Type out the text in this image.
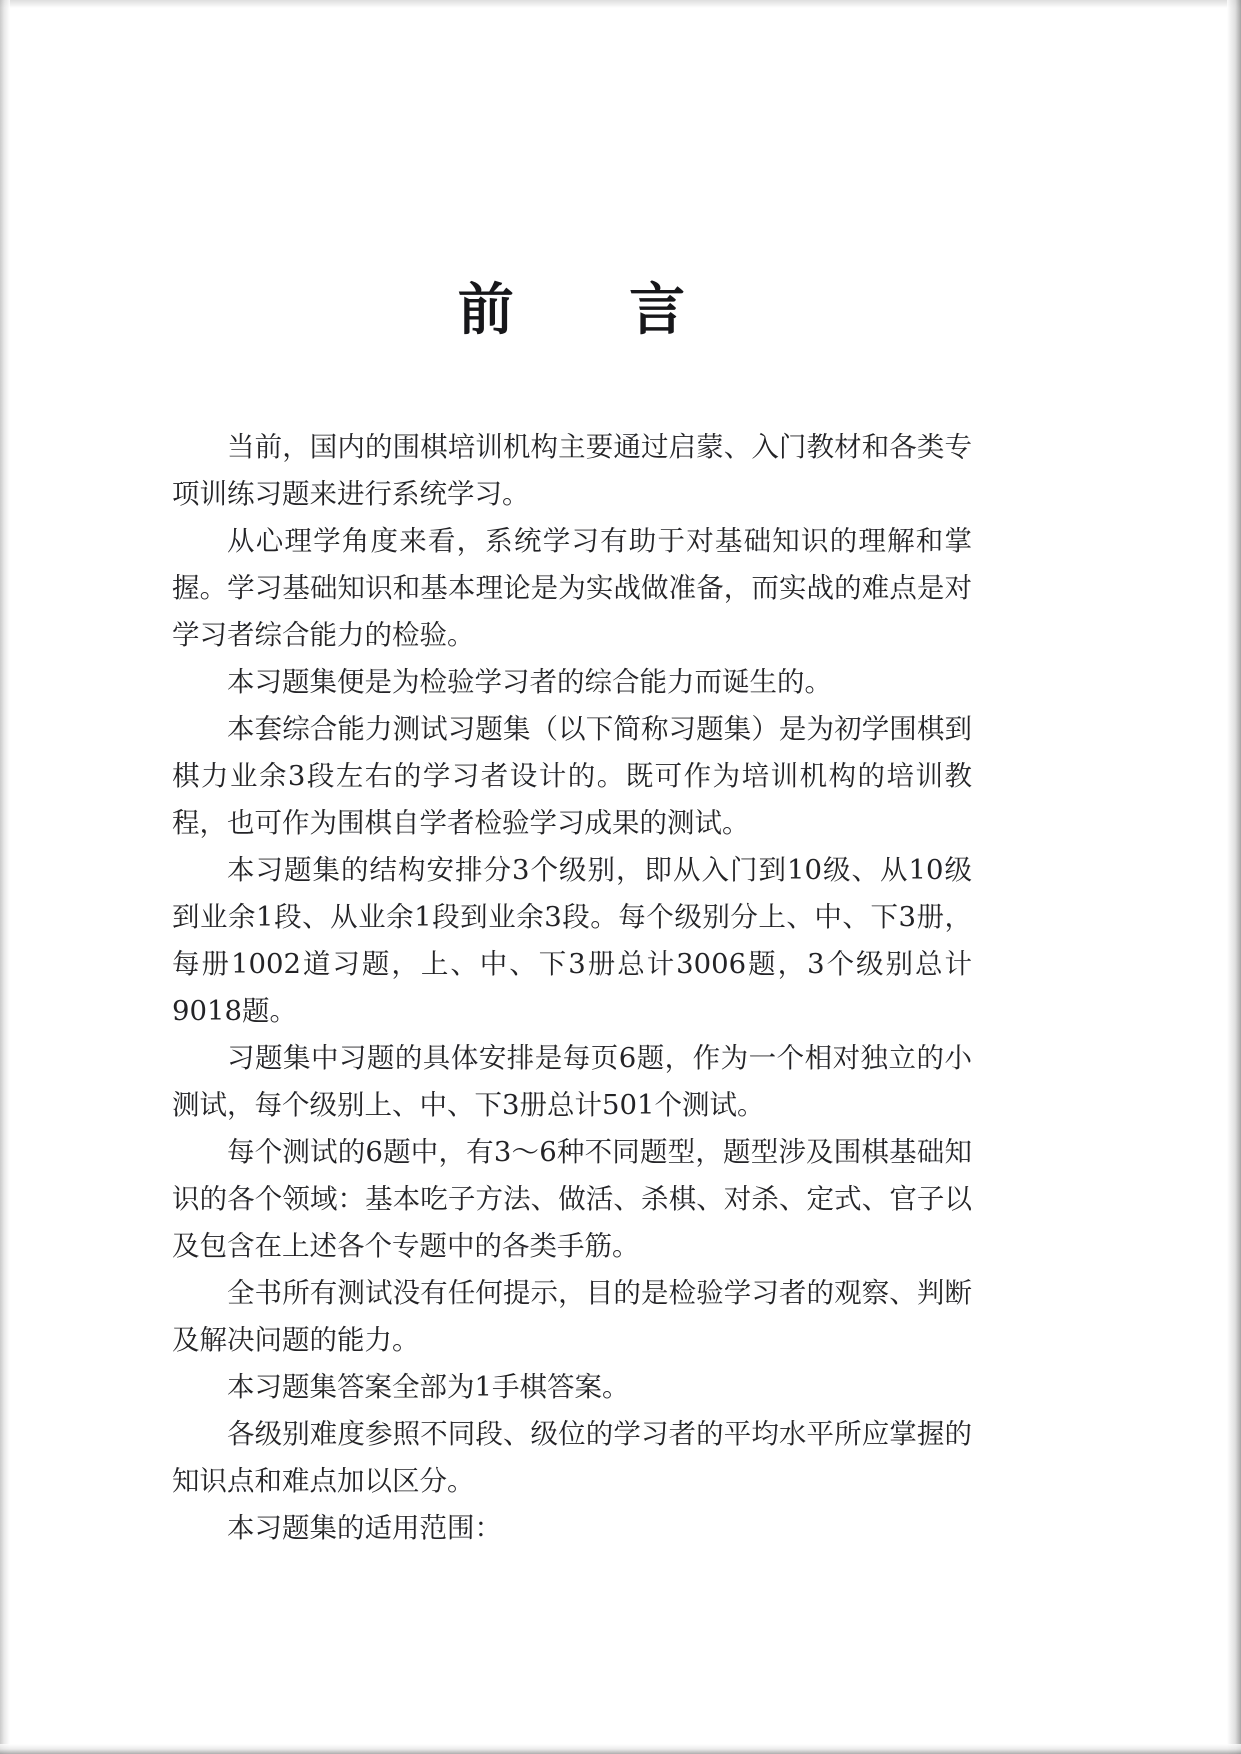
前　　言

当前，国内的围棋培训机构主要通过启蒙、入门教材和各类专项训练习题来进行系统学习。

从心理学角度来看，系统学习有助于对基础知识的理解和掌握。学习基础知识和基本理论是为实战做准备，而实战的难点是对学习者综合能力的检验。

本习题集便是为检验学习者的综合能力而诞生的。

本套综合能力测试习题集（以下简称习题集）是为初学围棋到棋力业余3段左右的学习者设计的。既可作为培训机构的培训教程，也可作为围棋自学者检验学习成果的测试。

本习题集的结构安排分3个级别，即从入门到10级、从10级到业余1段、从业余1段到业余3段。每个级别分上、中、下3册，每册1002道习题，上、中、下3册总计3006题，3个级别总计9018题。

习题集中习题的具体安排是每页6题，作为一个相对独立的小测试，每个级别上、中、下3册总计501个测试。

每个测试的6题中，有3～6种不同题型，题型涉及围棋基础知识的各个领域：基本吃子方法、做活、杀棋、对杀、定式、官子以及包含在上述各个专题中的各类手筋。

全书所有测试没有任何提示，目的是检验学习者的观察、判断及解决问题的能力。

本习题集答案全部为1手棋答案。

各级别难度参照不同段、级位的学习者的平均水平所应掌握的知识点和难点加以区分。

本习题集的适用范围：
